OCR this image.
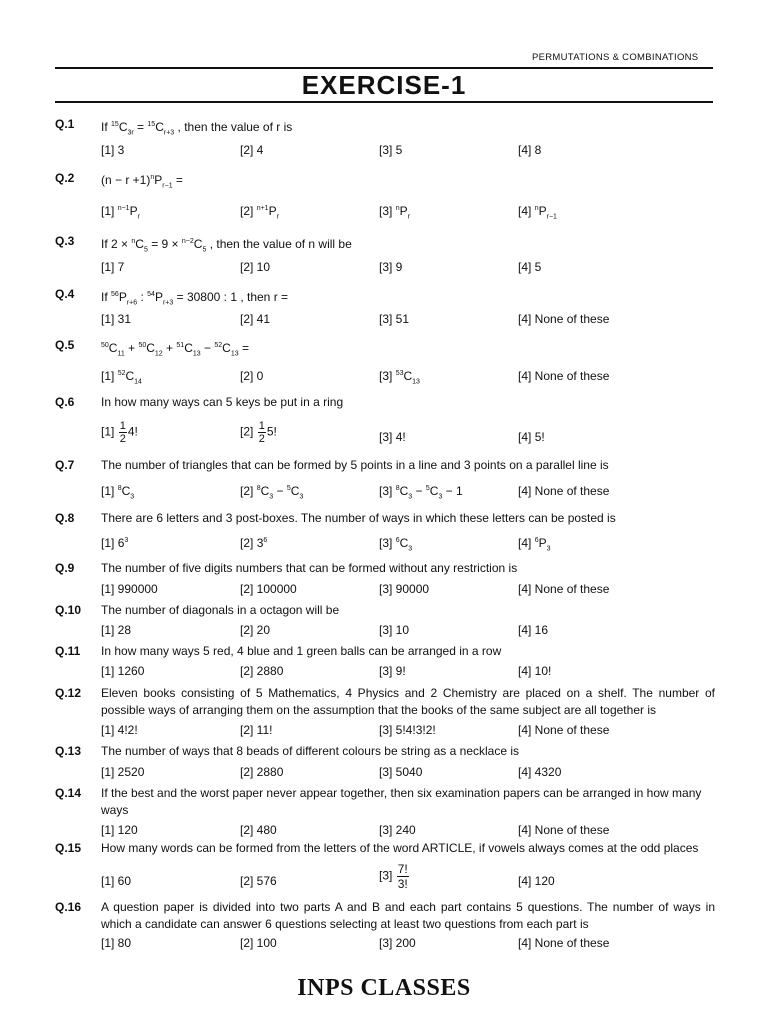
PERMUTATIONS & COMBINATIONS
EXERCISE-1
Q.1 If $^{15}C_{3r} = ^{15}C_{r+3}$ , then the value of r is
[1] 3	[2] 4	[3] 5	[4] 8
Q.2 $(n - r +1)^nP_{r-1}$ =
[1] $^{n-1}P_r$	[2] $^{n+1}P_r$	[3] $^nP_r$	[4] $^nP_{r-1}$
Q.3 If $2 \times ^nC_5 = 9 \times ^{n-2}C_5$ , then the value of n will be
[1] 7	[2] 10	[3] 9	[4] 5
Q.4 If $^{56}P_{r+6}$ : $^{54}P_{r+3} = 30800$ : 1 , then r =
[1] 31	[2] 41	[3] 51	[4] None of these
Q.5	$^{50}C_{11} + ^{50}C_{12} + ^{51}C_{13} - ^{52}C_{13}$ =
[1] $^{52}C_{14}$	[2] 0	[3] $^{53}C_{13}$	[4] None of these
Q.6 In how many ways can 5 keys be put in a ring
$[1] \frac{1}{2} 4$!	$[2] \frac{1}{2} 5$!	[3] 4!	[4] 5!
Q.7 The number of triangles that can be formed by 5 points in a line and 3 points on a parallel line is
[1] $^8C_3$	[2] $^8C_3 - ^5C_3$	[3] $^8C_3 - ^5C_3 - 1$	[4] None of these
Q.8 There are 6 letters and 3 post-boxes. The number of ways in which these letters can be posted is
[1] $6^3$	[2] $3^6$	[3] $^6C_3$	[4] $^6P_3$
Q.9 The number of five digits numbers that can be formed without any restriction is
[1] 990000	[2] 100000	[3] 90000	[4] None of these
Q.10 The number of diagonals in a octagon will be
[1] 28	[2] 20	[3] 10	[4] 16
Q.11 In how many ways 5 red, 4 blue and 1 green balls can be arranged in a row
[1] 1260	[2] 2880	[3] 9!	[4] 10!
Q.12 Eleven books consisting of 5 Mathematics, 4 Physics and 2 Chemistry are placed on a shelf. The number of possible ways of arranging them on the assumption that the books of the same subject are all together is
[1] 4!2!	[2] 11!	[3] 5!4!3!2!	[4] None of these
Q.13 The number of ways that 8 beads of different colours be string as a necklace is
[1] 2520	[2] 2880	[3] 5040	[4] 4320
Q.14 If the best and the worst paper never appear together, then six examination papers can be arranged in how many ways
[1] 120	[2] 480	[3] 240	[4] None of these
Q.15 How many words can be formed from the letters of the word ARTICLE, if vowels always comes at the odd places
[1] 60	[2] 576	$[3] \frac{7!}{3!}$	[4] 120
Q.16 A question paper is divided into two parts A and B and each part contains 5 questions. The number of ways in which a candidate can answer 6 questions selecting at least two questions from each part is
[1] 80	[2] 100	[3] 200	[4] None of these
INPS CLASSES
